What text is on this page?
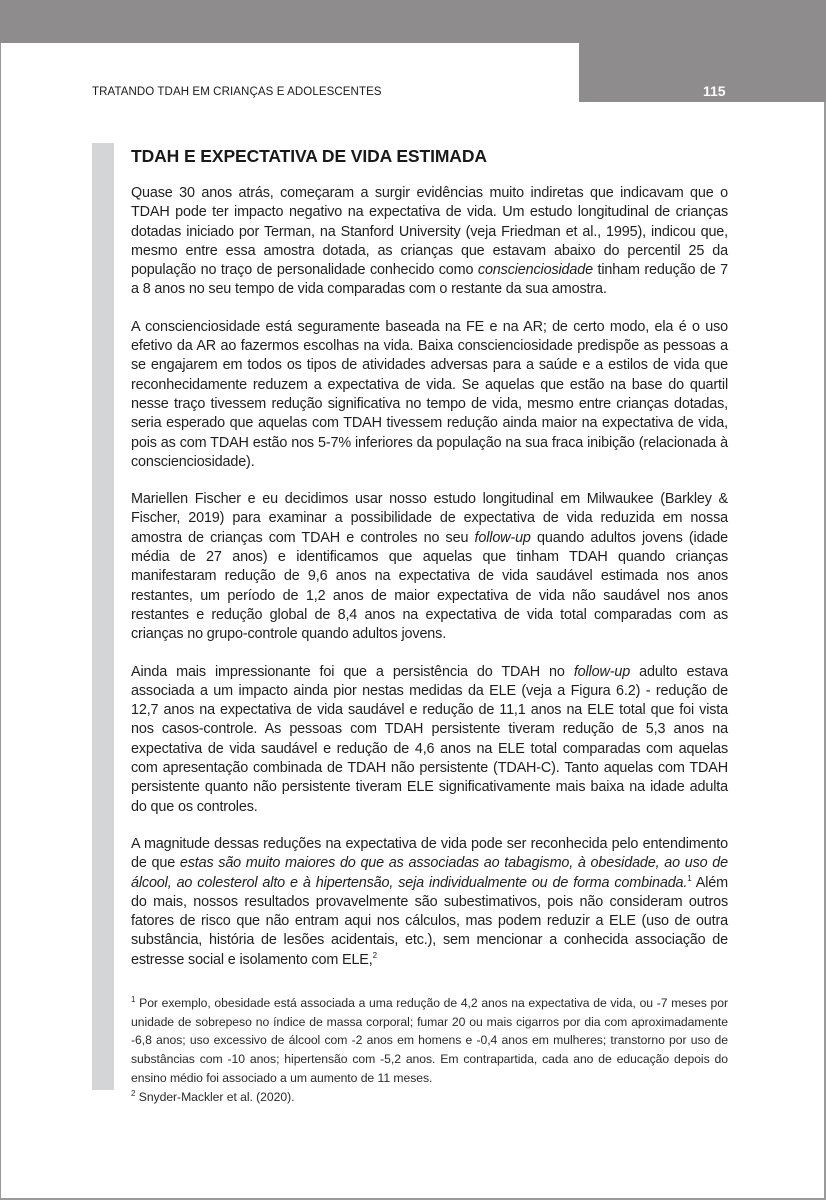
TRATANDO TDAH EM CRIANÇAS E ADOLESCENTES	115
TDAH E EXPECTATIVA DE VIDA ESTIMADA

Quase 30 anos atrás, começaram a surgir evidências muito indiretas que indicavam que o TDAH pode ter impacto negativo na expectativa de vida. Um estudo longitudinal de crianças dotadas iniciado por Terman, na Stanford University (veja Friedman et al., 1995), indicou que, mesmo entre essa amostra dotada, as crianças que estavam abaixo do percentil 25 da população no traço de personalidade conhecido como conscienciosidade tinham redução de 7 a 8 anos no seu tempo de vida comparadas com o restante da sua amostra.

A conscienciosidade está seguramente baseada na FE e na AR; de certo modo, ela é o uso efetivo da AR ao fazermos escolhas na vida. Baixa conscienciosidade predispõe as pessoas a se engajarem em todos os tipos de atividades adversas para a saúde e a estilos de vida que reconhecidamente reduzem a expectativa de vida. Se aquelas que estão na base do quartil nesse traço tivessem redução significativa no tempo de vida, mesmo entre crianças dotadas, seria esperado que aquelas com TDAH tivessem redução ainda maior na expectativa de vida, pois as com TDAH estão nos 5-7% inferiores da população na sua fraca inibição (relacionada à conscienciosidade).

Mariellen Fischer e eu decidimos usar nosso estudo longitudinal em Milwaukee (Barkley & Fischer, 2019) para examinar a possibilidade de expectativa de vida reduzida em nossa amostra de crianças com TDAH e controles no seu follow-up quando adultos jovens (idade média de 27 anos) e identificamos que aquelas que tinham TDAH quando crianças manifestaram redução de 9,6 anos na expectativa de vida saudável estimada nos anos restantes, um período de 1,2 anos de maior expectativa de vida não saudável nos anos restantes e redução global de 8,4 anos na expectativa de vida total comparadas com as crianças no grupo-controle quando adultos jovens.

Ainda mais impressionante foi que a persistência do TDAH no follow-up adulto estava associada a um impacto ainda pior nestas medidas da ELE (veja a Figura 6.2) - redução de 12,7 anos na expectativa de vida saudável e redução de 11,1 anos na ELE total que foi vista nos casos-controle. As pessoas com TDAH persistente tiveram redução de 5,3 anos na expectativa de vida saudável e redução de 4,6 anos na ELE total comparadas com aquelas com apresentação combinada de TDAH não persistente (TDAH-C). Tanto aquelas com TDAH persistente quanto não persistente tiveram ELE significativamente mais baixa na idade adulta do que os controles.

A magnitude dessas reduções na expectativa de vida pode ser reconhecida pelo entendimento de que estas são muito maiores do que as associadas ao tabagismo, à obesidade, ao uso de álcool, ao colesterol alto e à hipertensão, seja individualmente ou de forma combinada.$^1$ Além do mais, nossos resultados provavelmente são subestimativos, pois não consideram outros fatores de risco que não entram aqui nos cálculos, mas podem reduzir a ELE (uso de outra substância, história de lesões acidentais, etc.), sem mencionar a conhecida associação de estresse social e isolamento com ELE,$^2$

$^1$ Por exemplo, obesidade está associada a uma redução de 4,2 anos na expectativa de vida, ou -7 meses por unidade de sobrepeso no índice de massa corporal; fumar 20 ou mais cigarros por dia com aproximadamente -6,8 anos; uso excessivo de álcool com -2 anos em homens e -0,4 anos em mulheres; transtorno por uso de substâncias com -10 anos; hipertensão com -5,2 anos. Em contrapartida, cada ano de educação depois do ensino médio foi associado a um aumento de 11 meses.

$^2$ Snyder-Mackler et al. (2020).
